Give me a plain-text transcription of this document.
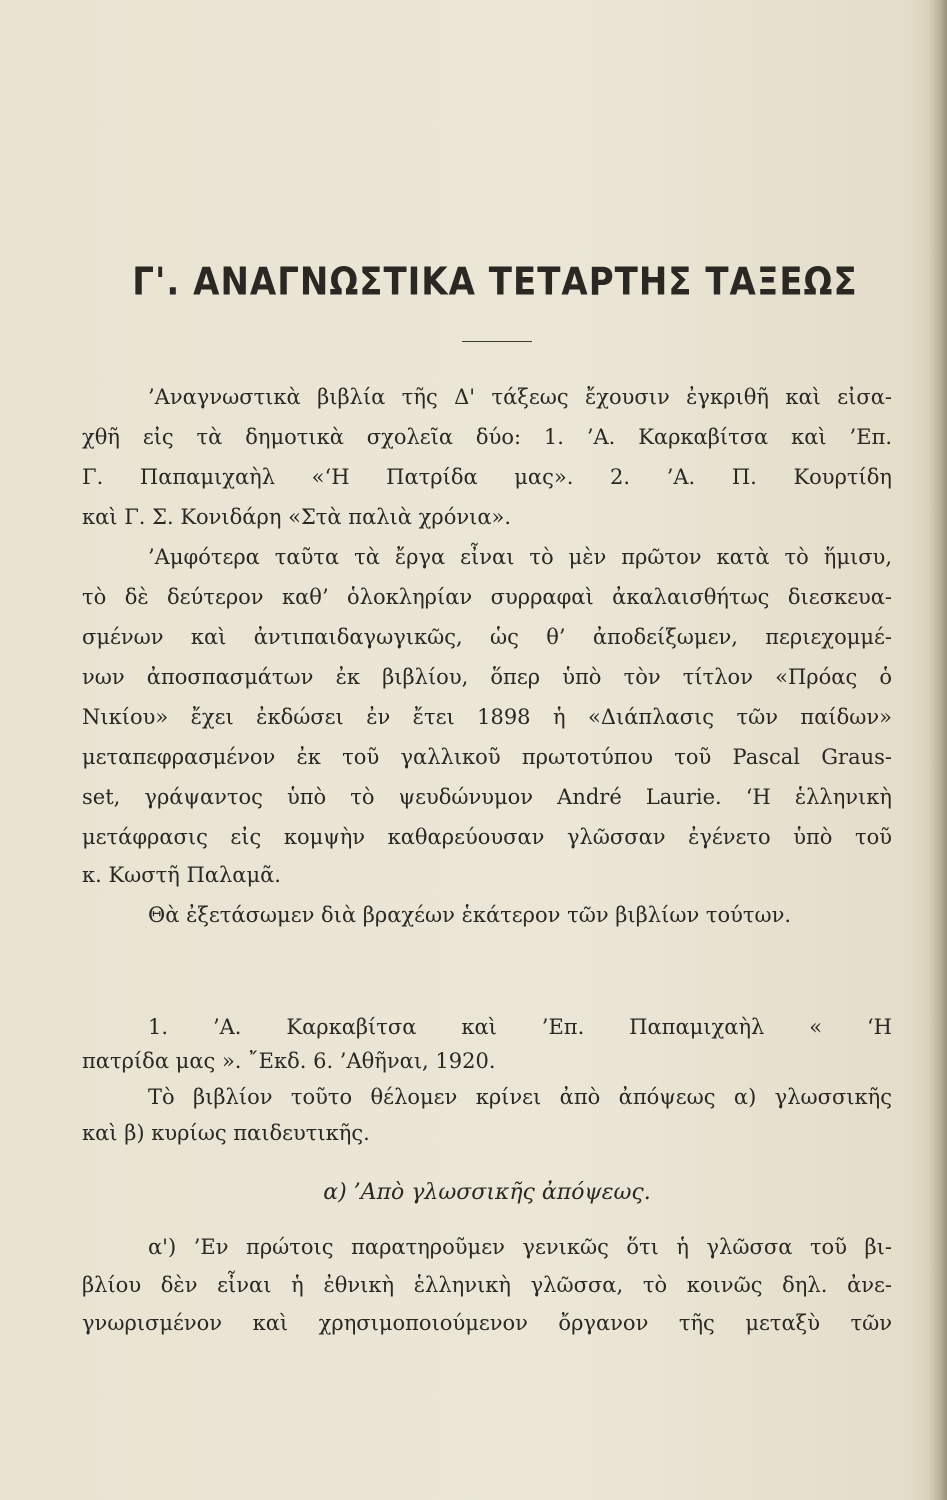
Γ'. ΑΝΑΓΝΩΣΤΙΚΑ ΤΕΤΑΡΤΗΣ ΤΑΞΕΩΣ
’Αναγνωστικὰ βιβλία τῆς Δ' τάξεως ἔχουσιν ἐγκριθῆ καὶ εἰσα-
χθῆ εἰς τὰ δημοτικὰ σχολεῖα δύο: 1. ’Α. Καρκαβίτσα καὶ ’Επ.
Γ. Παπαμιχαὴλ «‘Η Πατρίδα μας». 2. ’Α. Π. Κουρτίδη
καὶ Γ. Σ. Κονιδάρη «Στὰ παλιὰ χρόνια».
’Αμφότερα ταῦτα τὰ ἔργα εἶναι τὸ μὲν πρῶτον κατὰ τὸ ἥμισυ,
τὸ δὲ δεύτερον καθ’ ὁλοκληρίαν συρραφαὶ ἀκαλαισθήτως διεσκευα-
σμένων καὶ ἀντιπαιδαγωγικῶς, ὡς θ’ ἀποδείξωμεν, περιεχομμέ-
νων ἀποσπασμάτων ἐκ βιβλίου, ὅπερ ὑπὸ τὸν τίτλον «Πρόας ὁ
Νικίου» ἔχει ἐκδώσει ἐν ἔτει 1898 ἡ «Διάπλασις τῶν παίδων»
μεταπεφρασμένον ἐκ τοῦ γαλλικοῦ πρωτοτύπου τοῦ Pascal Graus-
set, γράψαντος ὑπὸ τὸ ψευδώνυμον André Laurie. ‘Η ἑλληνικὴ
μετάφρασις εἰς κομψὴν καθαρεύουσαν γλῶσσαν ἐγένετο ὑπὸ τοῦ
κ. Κωστῆ Παλαμᾶ.
Θὰ ἐξετάσωμεν διὰ βραχέων ἑκάτερον τῶν βιβλίων τούτων.
1. ’Α. Καρκαβίτσα καὶ ’Επ. Παπαμιχαὴλ « ‘Η
πατρίδα μας ». ῎Εκδ. 6. ’Αθῆναι, 1920.
Τὸ βιβλίον τοῦτο θέλομεν κρίνει ἀπὸ ἀπόψεως α) γλωσσικῆς
καὶ β) κυρίως παιδευτικῆς.
α) ’Απὸ γλωσσικῆς ἀπόψεως.
α') ’Εν πρώτοις παρατηροῦμεν γενικῶς ὅτι ἡ γλῶσσα τοῦ βι-
βλίου δὲν εἶναι ἡ ἐθνικὴ ἑλληνικὴ γλῶσσα, τὸ κοινῶς δηλ. ἀνε-
γνωρισμένον καὶ χρησιμοποιούμενον ὄργανον τῆς μεταξὺ τῶν
